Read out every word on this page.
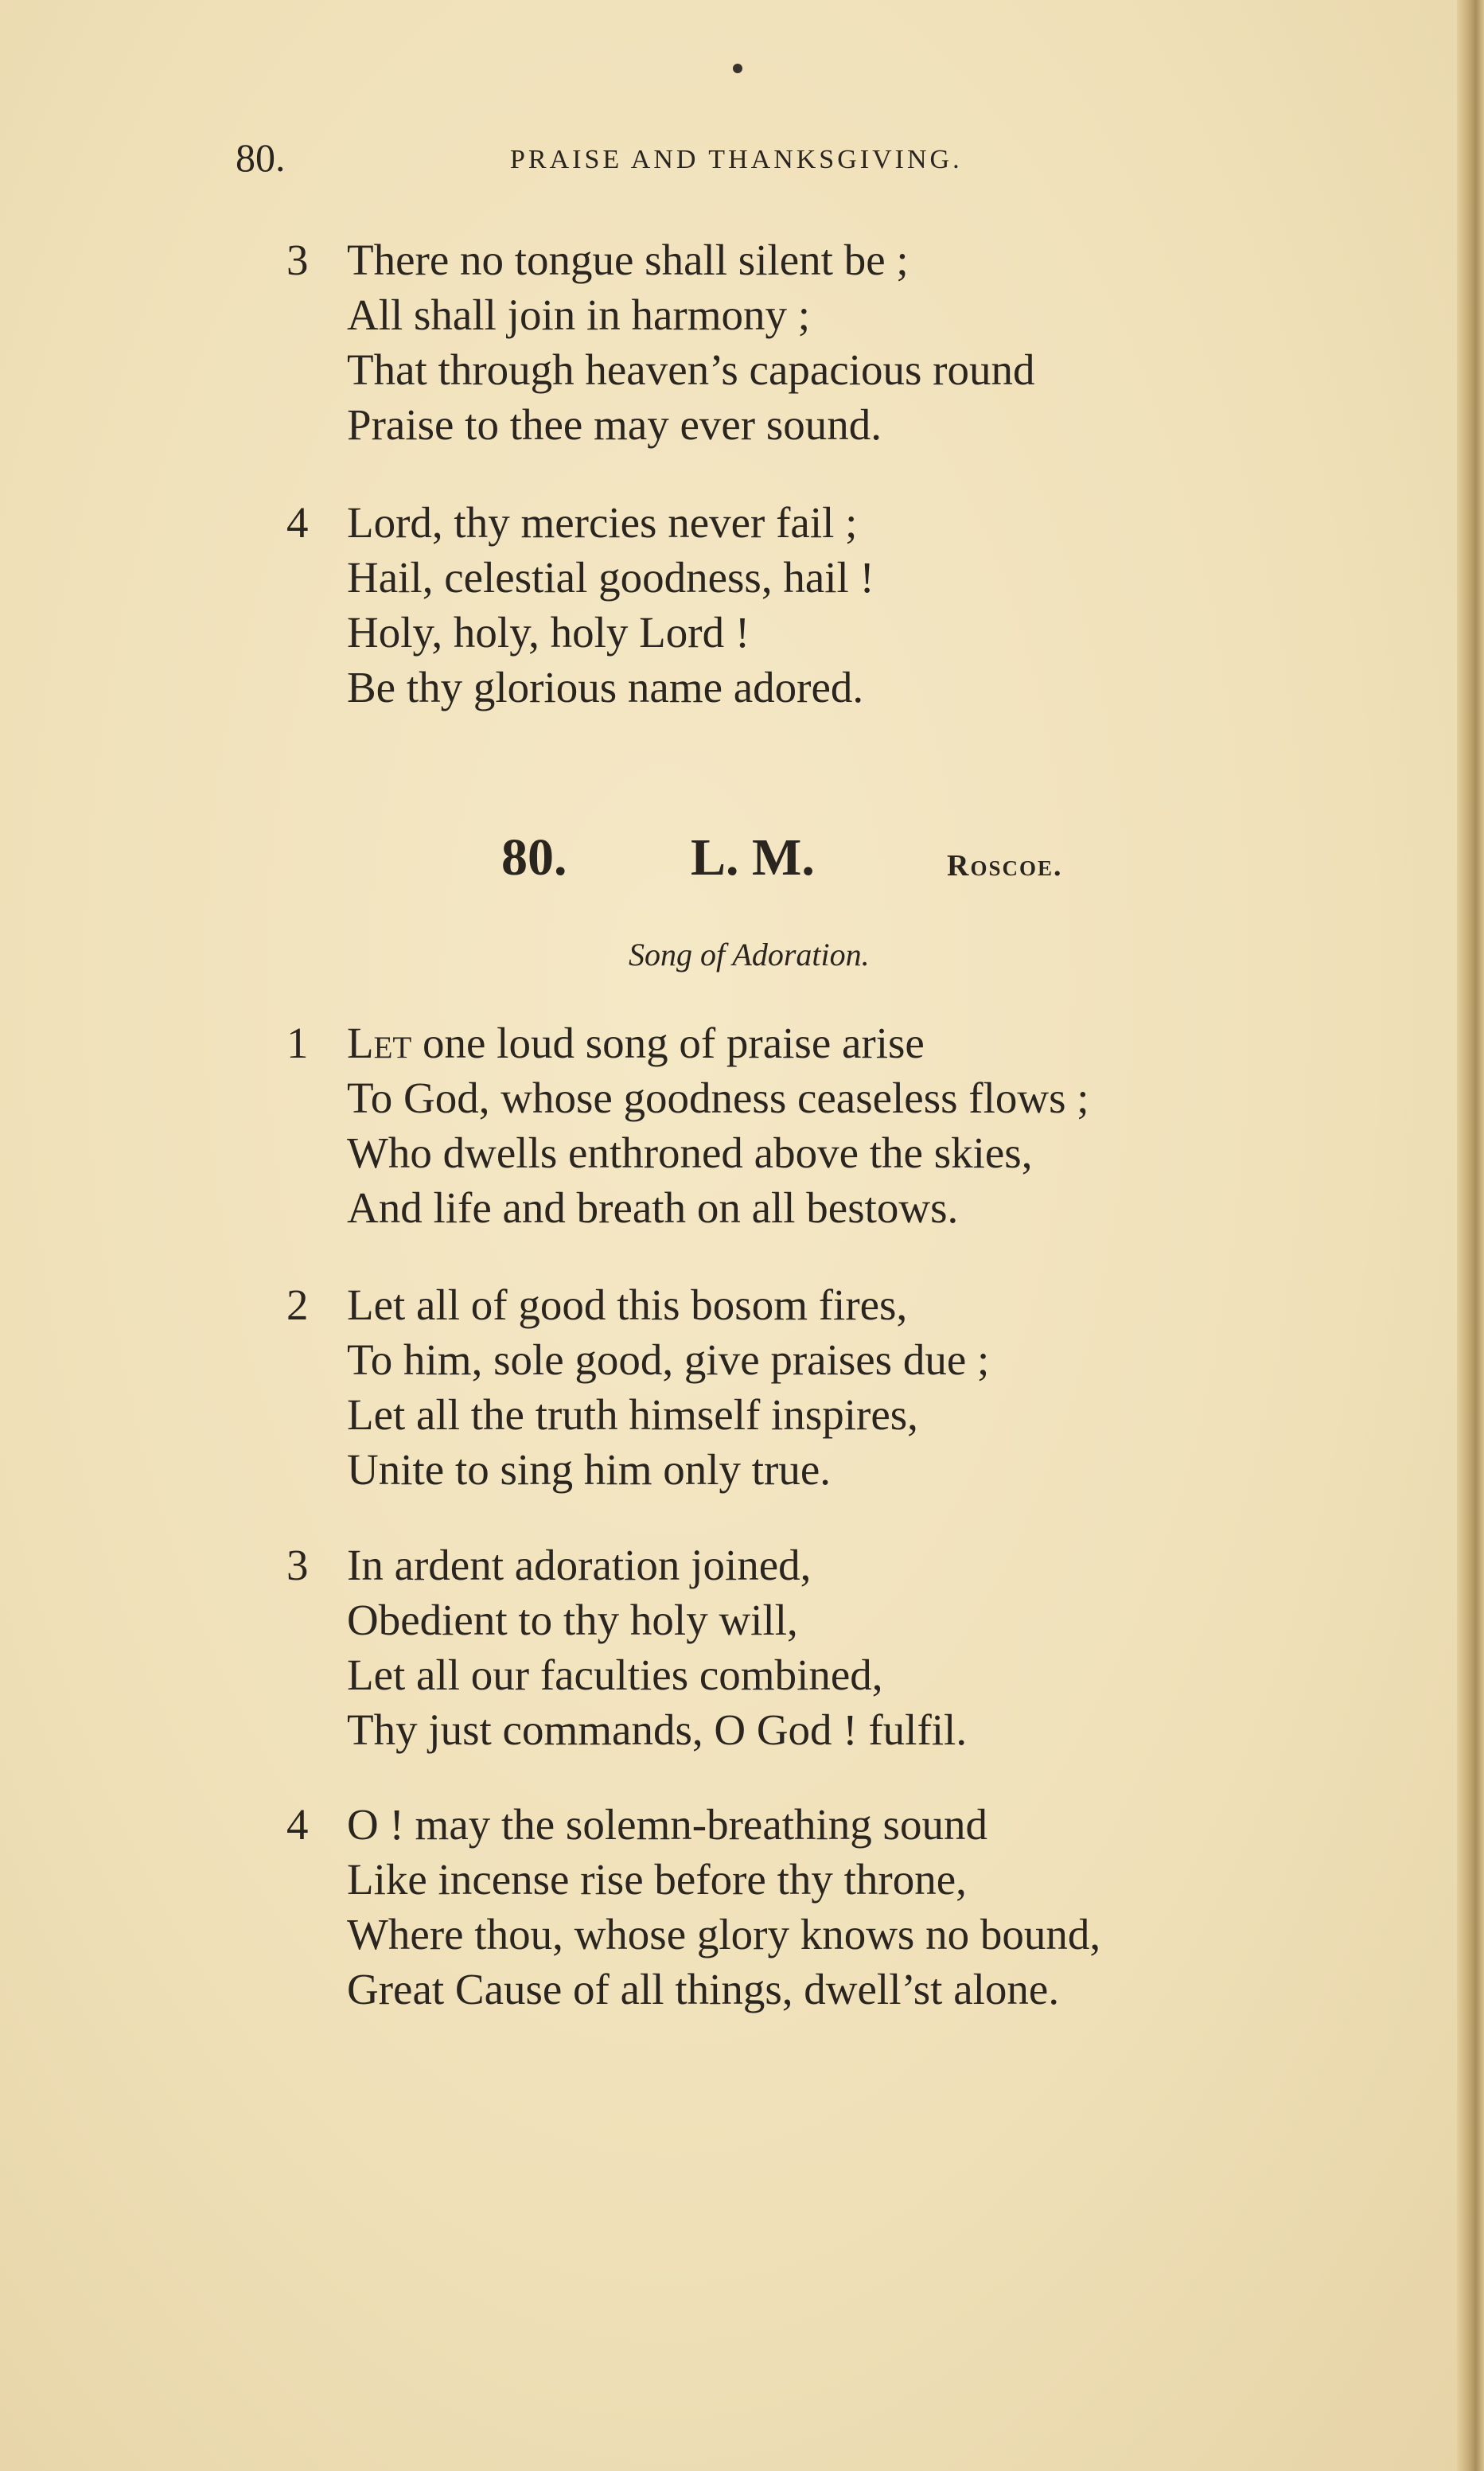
80.	PRAISE AND THANKSGIVING.
3 There no tongue shall silent be ;
All shall join in harmony ;
That through heaven’s capacious round
Praise to thee may ever sound.
4 Lord, thy mercies never fail ;
Hail, celestial goodness, hail !
Holy, holy, holy Lord !
Be thy glorious name adored.
80. L. M.	Roscoe.
Song of Adoration.
1 Let one loud song of praise arise
To God, whose goodness ceaseless flows ;
Who dwells enthroned above the skies,
And life and breath on all bestows.
2 Let all of good this bosom fires,
To him, sole good, give praises due ;
Let all the truth himself inspires,
Unite to sing him only true.
3 In ardent adoration joined,
Obedient to thy holy will,
Let all our faculties combined,
Thy just commands, O God ! fulfil.
4 O ! may the solemn-breathing sound
Like incense rise before thy throne,
Where thou, whose glory knows no bound,
Great Cause of all things, dwell’st alone.
